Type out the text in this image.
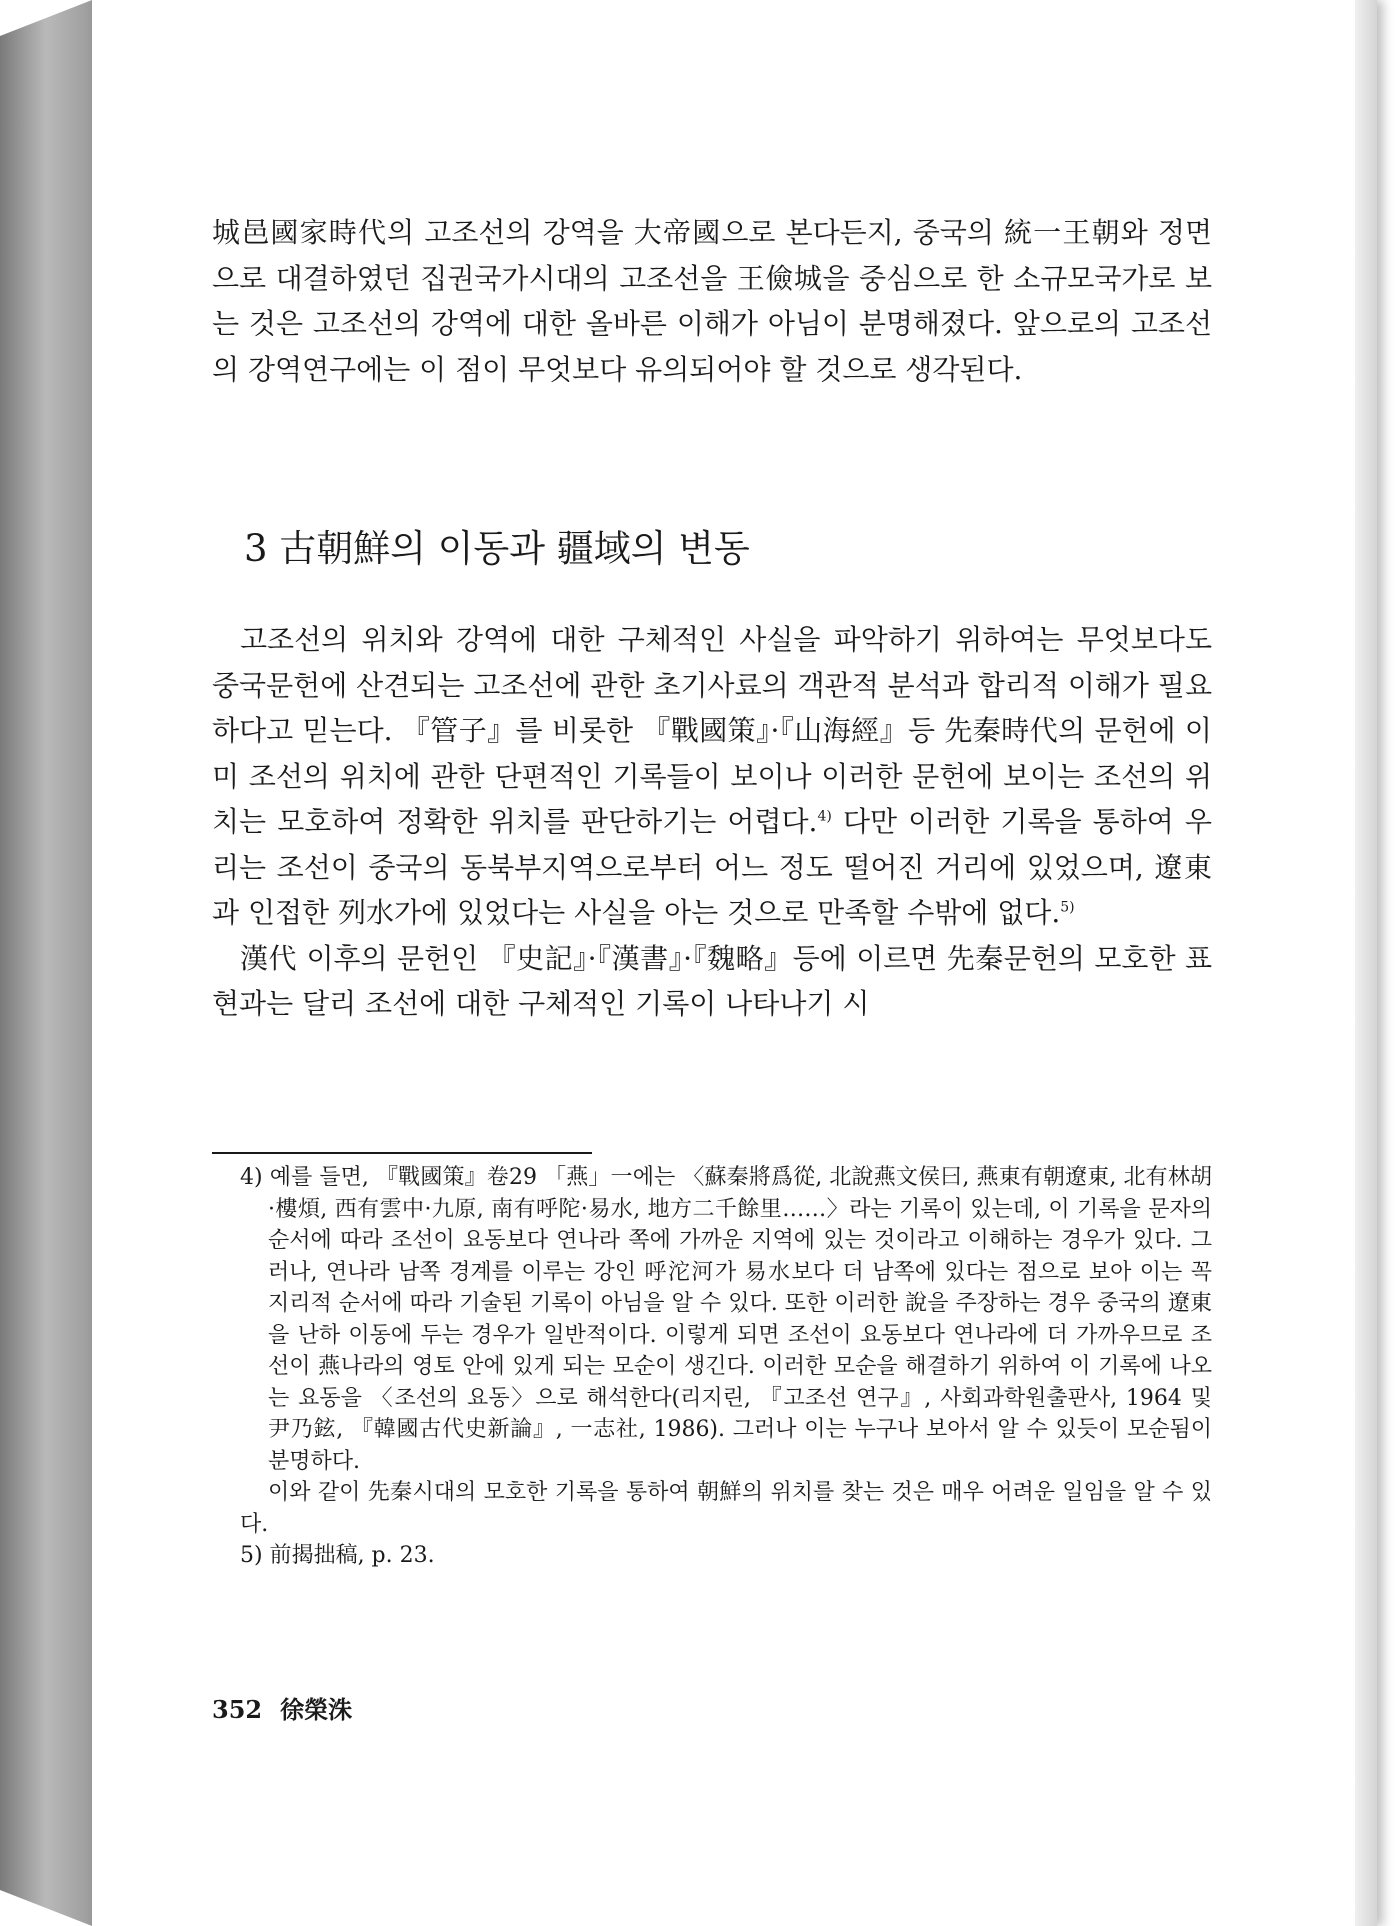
城邑國家時代의 고조선의 강역을 大帝國으로 본다든지, 중국의 統一王朝와 정면으로 대결하였던 집권국가시대의 고조선을 王儉城을 중심으로 한 소규모국가로 보는 것은 고조선의 강역에 대한 올바른 이해가 아님이 분명해졌다. 앞으로의 고조선의 강역연구에는 이 점이 무엇보다 유의되어야 할 것으로 생각된다.

3 古朝鮮의 이동과 疆域의 변동

고조선의 위치와 강역에 대한 구체적인 사실을 파악하기 위하여는 무엇보다도 중국문헌에 산견되는 고조선에 관한 초기사료의 객관적 분석과 합리적 이해가 필요하다고 믿는다. 『管子』를 비롯한 『戰國策』·『山海經』등 先秦時代의 문헌에 이미 조선의 위치에 관한 단편적인 기록들이 보이나 이러한 문헌에 보이는 조선의 위치는 모호하여 정확한 위치를 판단하기는 어렵다.$^{4)}$ 다만 이러한 기록을 통하여 우리는 조선이 중국의 동북부지역으로부터 어느 정도 떨어진 거리에 있었으며, 遼東과 인접한 列水가에 있었다는 사실을 아는 것으로 만족할 수밖에 없다.$^{5)}$

漢代 이후의 문헌인 『史記』·『漢書』·『魏略』등에 이르면 先秦문헌의 모호한 표현과는 달리 조선에 대한 구체적인 기록이 나타나기 시

4) 예를 들면, 『戰國策』卷29 「燕」一에는 〈蘇秦將爲從, 北說燕文侯曰, 燕東有朝遼東, 北有林胡·樓煩, 西有雲中·九原, 南有呼陀·易水, 地方二千餘里……〉라는 기록이 있는데, 이 기록을 문자의 순서에 따라 조선이 요동보다 연나라 쪽에 가까운 지역에 있는 것이라고 이해하는 경우가 있다. 그러나, 연나라 남쪽 경계를 이루는 강인 呼沱河가 易水보다 더 남쪽에 있다는 점으로 보아 이는 꼭 지리적 순서에 따라 기술된 기록이 아님을 알 수 있다. 또한 이러한 說을 주장하는 경우 중국의 遼東을 난하 이동에 두는 경우가 일반적이다. 이렇게 되면 조선이 요동보다 연나라에 더 가까우므로 조선이 燕나라의 영토 안에 있게 되는 모순이 생긴다. 이러한 모순을 해결하기 위하여 이 기록에 나오는 요동을 〈조선의 요동〉으로 해석한다(리지린, 『고조선 연구』, 사회과학원출판사, 1964 및 尹乃鉉, 『韓國古代史新論』, 一志社, 1986). 그러나 이는 누구나 보아서 알 수 있듯이 모순됨이 분명하다.

이와 같이 先秦시대의 모호한 기록을 통하여 朝鮮의 위치를 찾는 것은 매우 어려운 일임을 알 수 있다.

5) 前揭拙稿, p. 23.

352 徐榮洙
